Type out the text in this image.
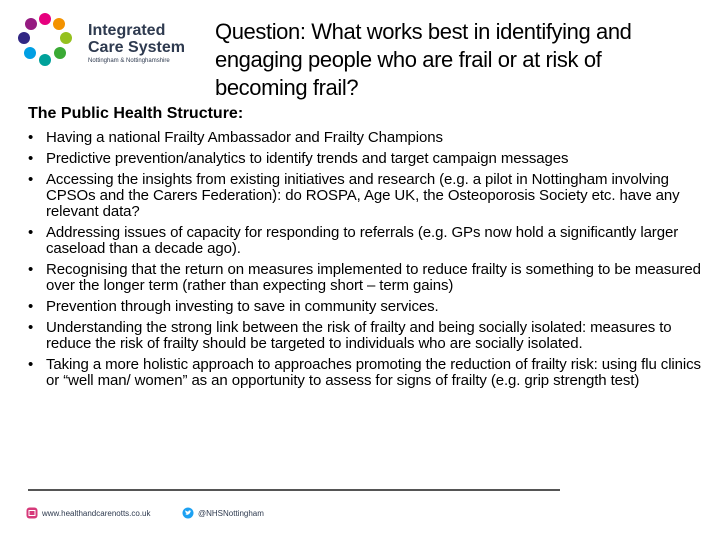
Integrated
Care System
Nottingham & Nottinghamshire
Question: What works best in identifying and engaging people who are frail or at risk of becoming frail?
The Public Health Structure:
• Having a national Frailty Ambassador and Frailty Champions
• Predictive prevention/analytics to identify trends and target campaign messages
• Accessing the insights from existing initiatives and research (e.g. a pilot in Nottingham involving CPSOs and the Carers Federation): do ROSPA, Age UK, the Osteoporosis Society etc. have any relevant data?
• Addressing issues of capacity for responding to referrals (e.g. GPs now hold a significantly larger caseload than a decade ago).
• Recognising that the return on measures implemented to reduce frailty is something to be measured over the longer term (rather than expecting short – term gains)
• Prevention through investing to save in community services.
• Understanding the strong link between the risk of frailty and being socially isolated: measures to reduce the risk of frailty should be targeted to individuals who are socially isolated.
• Taking a more holistic approach to approaches promoting the reduction of frailty risk: using flu clinics or “well man/ women” as an opportunity to assess for signs of frailty (e.g. grip strength test)
www.healthandcarenotts.co.uk	@NHSNottingham
